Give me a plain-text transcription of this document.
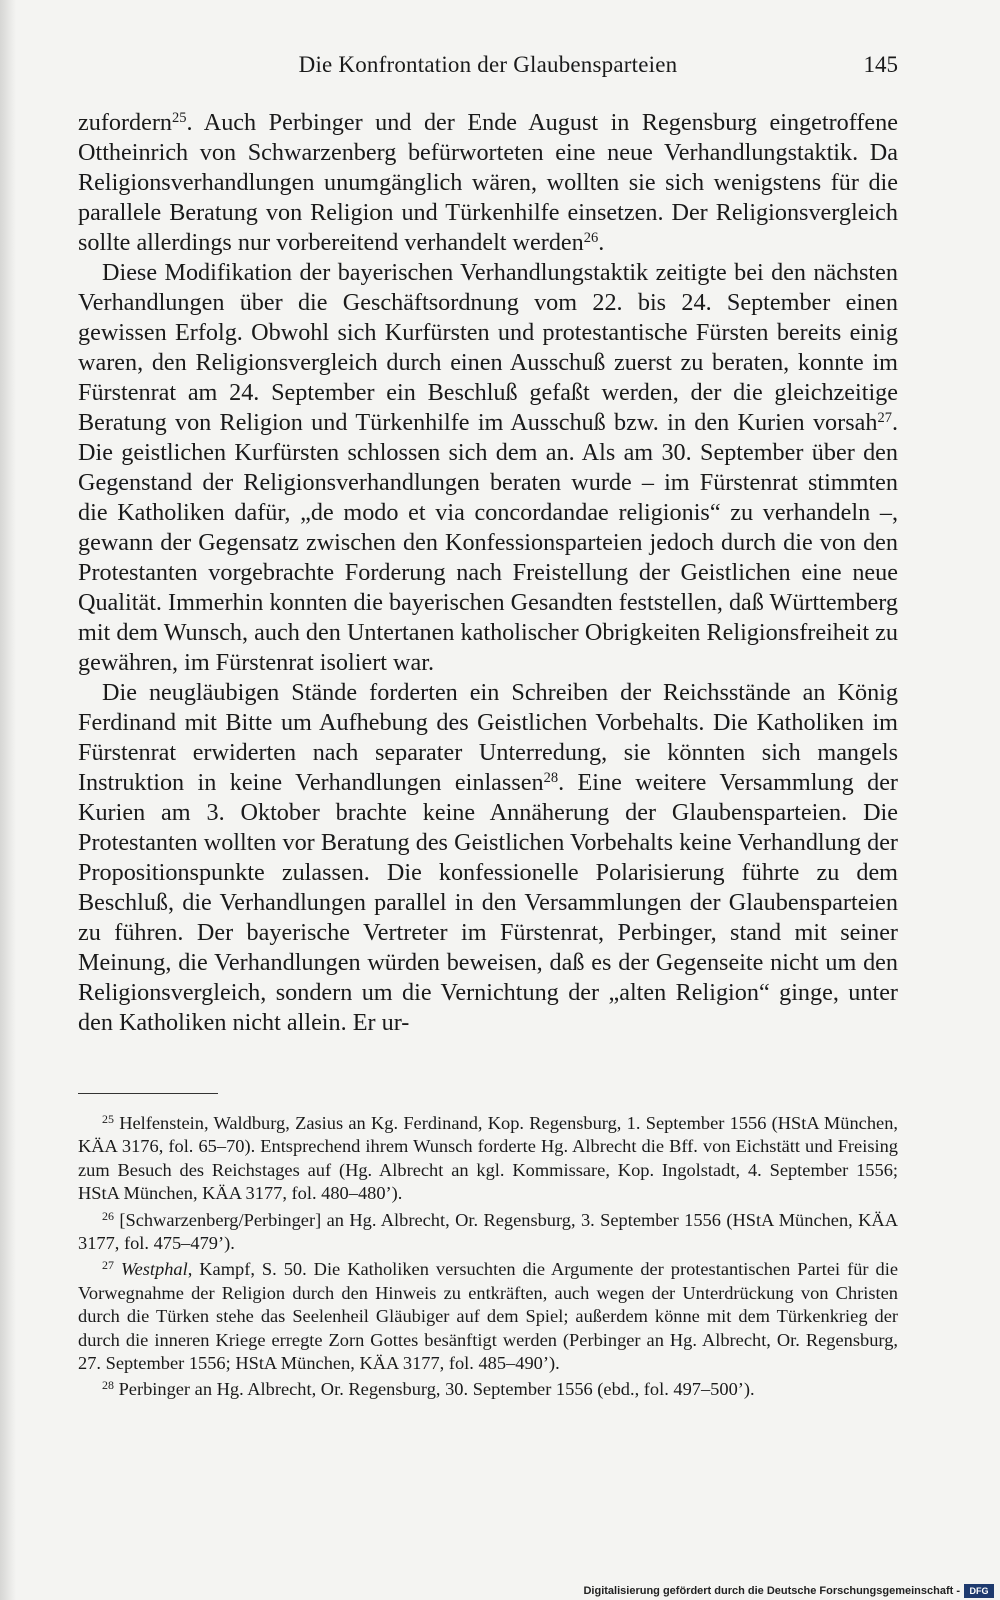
Die Konfrontation der Glaubensparteien	145

zufordern$^{25}$. Auch Perbinger und der Ende August in Regensburg eingetroffene Ottheinrich von Schwarzenberg befürworteten eine neue Verhandlungstaktik. Da Religionsverhandlungen unumgänglich wären, wollten sie sich wenigstens für die parallele Beratung von Religion und Türkenhilfe einsetzen. Der Religionsvergleich sollte allerdings nur vorbereitend verhandelt werden$^{26}$.

Diese Modifikation der bayerischen Verhandlungstaktik zeitigte bei den nächsten Verhandlungen über die Geschäftsordnung vom 22. bis 24. September einen gewissen Erfolg. Obwohl sich Kurfürsten und protestantische Fürsten bereits einig waren, den Religionsvergleich durch einen Ausschuß zuerst zu beraten, konnte im Fürstenrat am 24. September ein Beschluß gefaßt werden, der die gleichzeitige Beratung von Religion und Türkenhilfe im Ausschuß bzw. in den Kurien vorsah$^{27}$. Die geistlichen Kurfürsten schlossen sich dem an. Als am 30. September über den Gegenstand der Religionsverhandlungen beraten wurde – im Fürstenrat stimmten die Katholiken dafür, „de modo et via concordandae religionis“ zu verhandeln –, gewann der Gegensatz zwischen den Konfessionsparteien jedoch durch die von den Protestanten vorgebrachte Forderung nach Freistellung der Geistlichen eine neue Qualität. Immerhin konnten die bayerischen Gesandten feststellen, daß Württemberg mit dem Wunsch, auch den Untertanen katholischer Obrigkeiten Religionsfreiheit zu gewähren, im Fürstenrat isoliert war.

Die neugläubigen Stände forderten ein Schreiben der Reichsstände an König Ferdinand mit Bitte um Aufhebung des Geistlichen Vorbehalts. Die Katholiken im Fürstenrat erwiderten nach separater Unterredung, sie könnten sich mangels Instruktion in keine Verhandlungen einlassen$^{28}$. Eine weitere Versammlung der Kurien am 3. Oktober brachte keine Annäherung der Glaubensparteien. Die Protestanten wollten vor Beratung des Geistlichen Vorbehalts keine Verhandlung der Propositionspunkte zulassen. Die konfessionelle Polarisierung führte zu dem Beschluß, die Verhandlungen parallel in den Versammlungen der Glaubensparteien zu führen. Der bayerische Vertreter im Fürstenrat, Perbinger, stand mit seiner Meinung, die Verhandlungen würden beweisen, daß es der Gegenseite nicht um den Religionsvergleich, sondern um die Vernichtung der „alten Religion“ ginge, unter den Katholiken nicht allein. Er ur-

$^{25}$ Helfenstein, Waldburg, Zasius an Kg. Ferdinand, Kop. Regensburg, 1. September 1556 (HStA München, KÄA 3176, fol. 65–70). Entsprechend ihrem Wunsch forderte Hg. Albrecht die Bff. von Eichstätt und Freising zum Besuch des Reichstages auf (Hg. Albrecht an kgl. Kommissare, Kop. Ingolstadt, 4. September 1556; HStA München, KÄA 3177, fol. 480–480’).

$^{26}$ [Schwarzenberg/Perbinger] an Hg. Albrecht, Or. Regensburg, 3. September 1556 (HStA München, KÄA 3177, fol. 475–479’).

$^{27}$ Westphal, Kampf, S. 50. Die Katholiken versuchten die Argumente der protestantischen Partei für die Vorwegnahme der Religion durch den Hinweis zu entkräften, auch wegen der Unterdrückung von Christen durch die Türken stehe das Seelenheil Gläubiger auf dem Spiel; außerdem könne mit dem Türkenkrieg der durch die inneren Kriege erregte Zorn Gottes besänftigt werden (Perbinger an Hg. Albrecht, Or. Regensburg, 27. September 1556; HStA München, KÄA 3177, fol. 485–490’).

$^{28}$ Perbinger an Hg. Albrecht, Or. Regensburg, 30. September 1556 (ebd., fol. 497–500’).

Digitalisierung gefördert durch die Deutsche Forschungsgemeinschaft -	DFG
